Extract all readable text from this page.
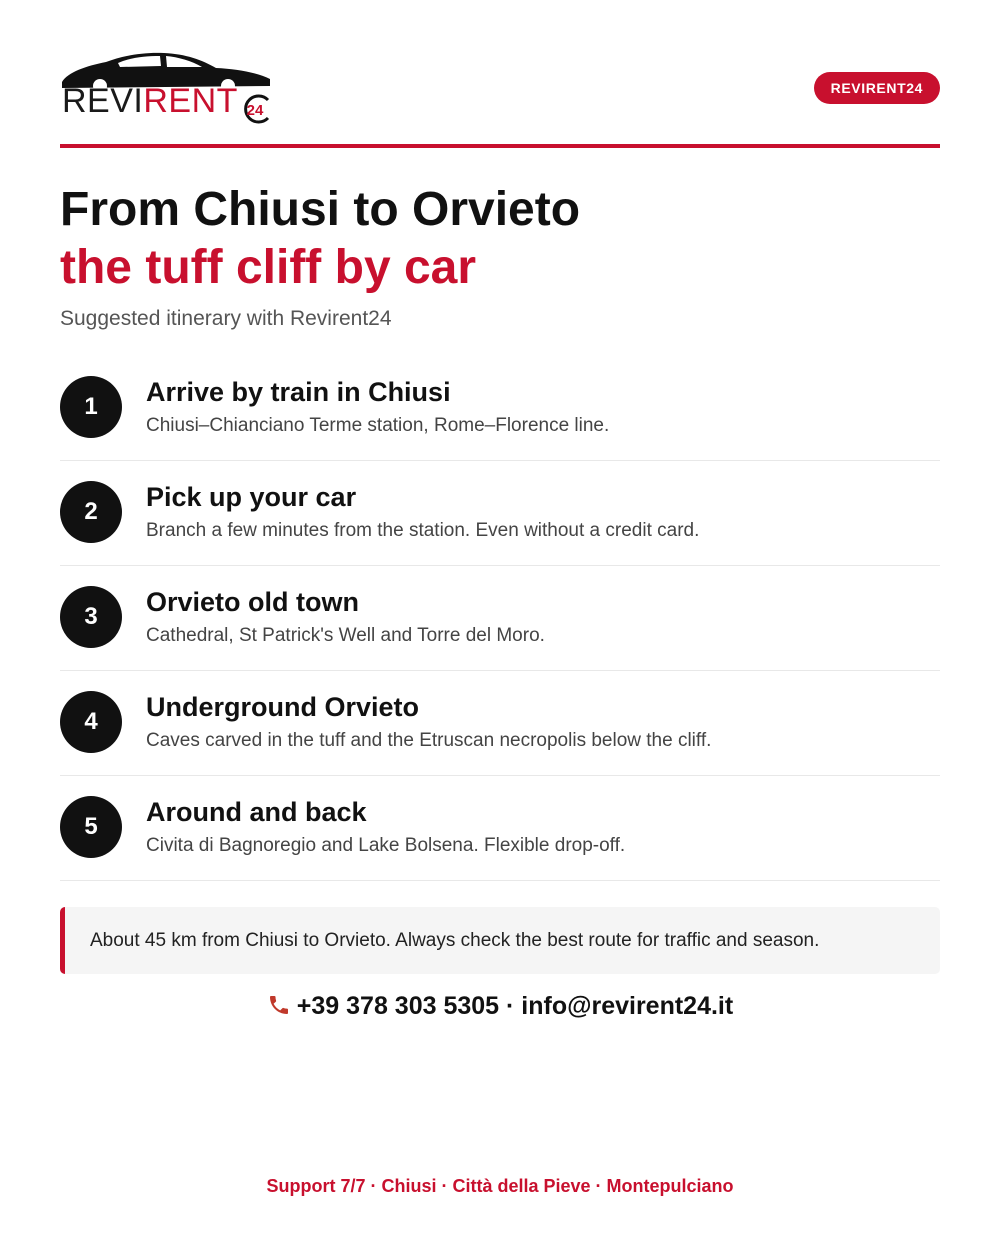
REVIRENT 24
REVIRENT24
From Chiusi to Orvieto
the tuff cliff by car
Suggested itinerary with Revirent24
1	Arrive by train in Chiusi
Chiusi–Chianciano Terme station, Rome–Florence line.
2	Pick up your car
Branch a few minutes from the station. Even without a credit card.
3	Orvieto old town
Cathedral, St Patrick's Well and Torre del Moro.
4	Underground Orvieto
Caves carved in the tuff and the Etruscan necropolis below the cliff.
5	Around and back
Civita di Bagnoregio and Lake Bolsena. Flexible drop-off.
About 45 km from Chiusi to Orvieto. Always check the best route for traffic and season.
+39 378 303 5305 · info@revirent24.it
Support 7/7 · Chiusi · Città della Pieve · Montepulciano
